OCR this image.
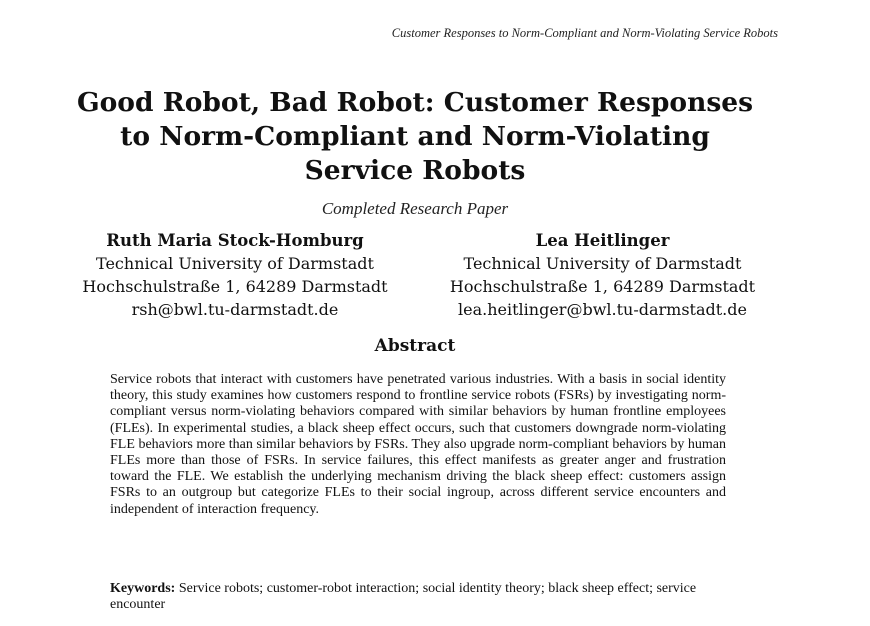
Customer Responses to Norm-Compliant and Norm-Violating Service Robots
Good Robot, Bad Robot: Customer Responses to Norm-Compliant and Norm-Violating Service Robots
Completed Research Paper
Ruth Maria Stock-Homburg
Technical University of Darmstadt
Hochschulstraße 1, 64289 Darmstadt
rsh@bwl.tu-darmstadt.de
Lea Heitlinger
Technical University of Darmstadt
Hochschulstraße 1, 64289 Darmstadt
lea.heitlinger@bwl.tu-darmstadt.de
Abstract

Service robots that interact with customers have penetrated various industries. With a basis in social identity theory, this study examines how customers respond to frontline service robots (FSRs) by investigating norm-compliant versus norm-violating behaviors compared with similar behaviors by human frontline employees (FLEs). In experimental studies, a black sheep effect occurs, such that customers downgrade norm-violating FLE behaviors more than similar behaviors by FSRs. They also upgrade norm-compliant behaviors by human FLEs more than those of FSRs. In service failures, this effect manifests as greater anger and frustration toward the FLE. We establish the underlying mechanism driving the black sheep effect: customers assign FSRs to an outgroup but categorize FLEs to their social ingroup, across different service encounters and independent of interaction frequency.

Keywords: Service robots; customer-robot interaction; social identity theory; black sheep effect; service encounter
